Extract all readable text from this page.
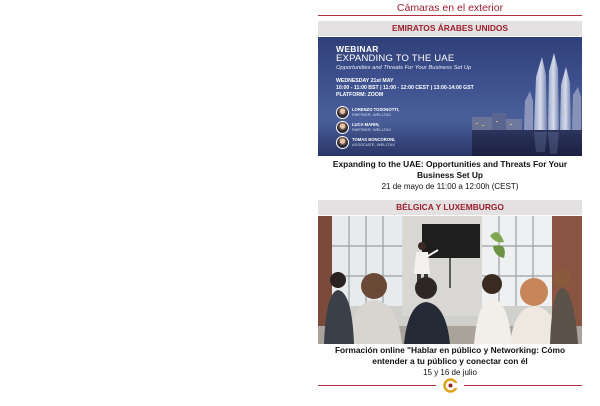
Cámaras en el exterior
EMIRATOS ÁRABES UNIDOS
WEBINAR
EXPANDING TO THE UAE
Opportunities and Threats For Your Business Set Up
WEDNESDAY 21st MAY
10:00 - 11:00 BST | 11:00 - 12:00 CEST | 13:00-14:00 GST
PLATFORM: ZOOM
LORENZO TOSONOTTI,
PARTNER, WELLTAX
LUCA MARIN,
PARTNER, WELLTAX
TOMAS BONCORONI,
ASSOCIATE, WELLTAX
Expanding to the UAE: Opportunities and Threats For Your Business Set Up
21 de mayo de 11:00 a 12:00h (CEST)
BÉLGICA Y LUXEMBURGO
Formación online "Hablar en público y Networking: Cómo entender a tu público y conectar con él
15 y 16 de julio
